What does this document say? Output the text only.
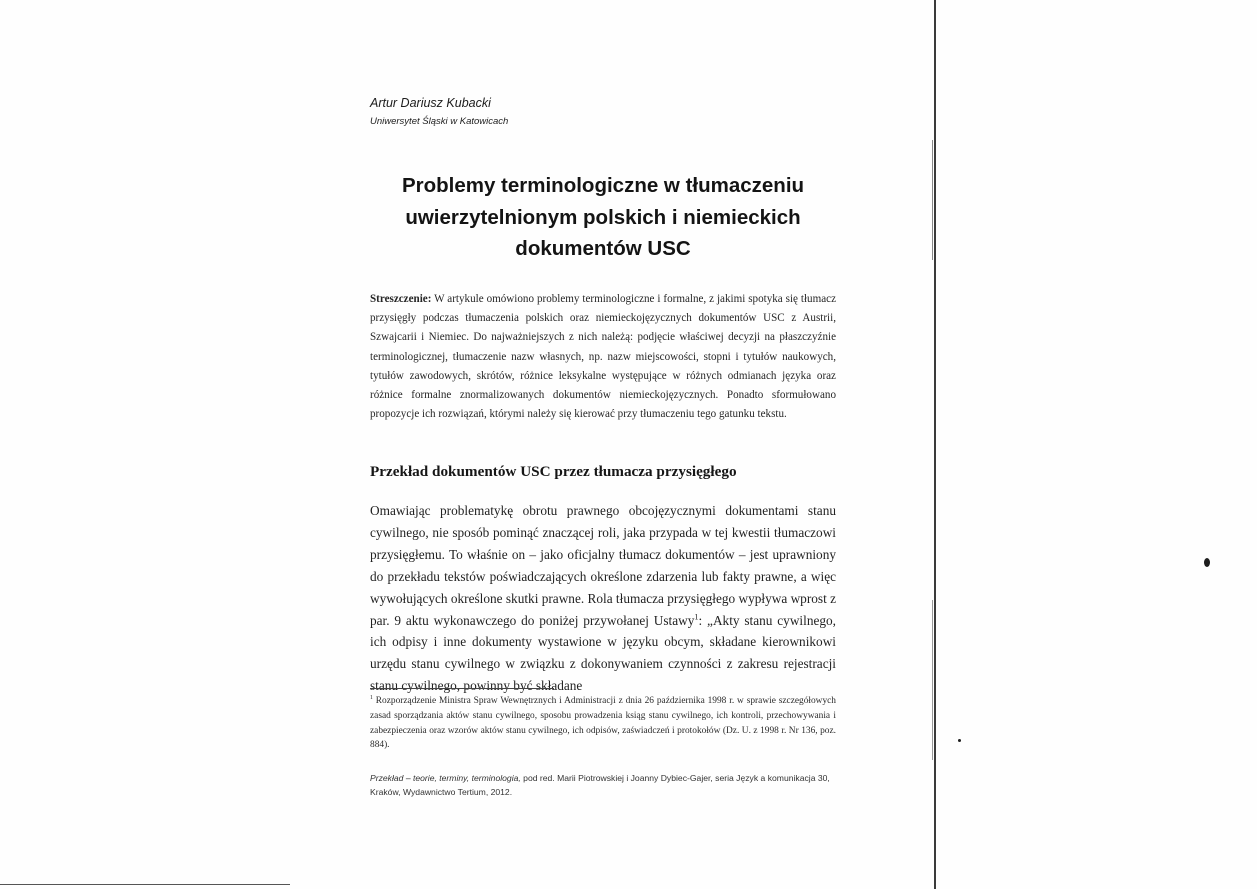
Artur Dariusz Kubacki
Uniwersytet Śląski w Katowicach
Problemy terminologiczne w tłumaczeniu
uwierzytelnionym polskich i niemieckich
dokumentów USC
Streszczenie: W artykule omówiono problemy terminologiczne i formalne, z jakimi spotyka się tłumacz przysięgły podczas tłumaczenia polskich oraz niemieckojęzycznych dokumentów USC z Austrii, Szwajcarii i Niemiec. Do najważniejszych z nich należą: podjęcie właściwej decyzji na płaszczyźnie terminologicznej, tłumaczenie nazw własnych, np. nazw miejscowości, stopni i tytułów naukowych, tytułów zawodowych, skrótów, różnice leksykalne występujące w różnych odmianach języka oraz różnice formalne znormalizowanych dokumentów niemieckojęzycznych. Ponadto sformułowano propozycje ich rozwiązań, którymi należy się kierować przy tłumaczeniu tego gatunku tekstu.
Przekład dokumentów USC przez tłumacza przysięgłego
Omawiając problematykę obrotu prawnego obcojęzycznymi dokumentami stanu cywilnego, nie sposób pominąć znaczącej roli, jaka przypada w tej kwestii tłumaczowi przysięgłemu. To właśnie on – jako oficjalny tłumacz dokumentów – jest uprawniony do przekładu tekstów poświadczających określone zdarzenia lub fakty prawne, a więc wywołujących określone skutki prawne. Rola tłumacza przysięgłego wypływa wprost z par. 9 aktu wykonawczego do poniżej przywołanej Ustawy$^1$: „Akty stanu cywilnego, ich odpisy i inne dokumenty wystawione w języku obcym, składane kierownikowi urzędu stanu cywilnego w związku z dokonywaniem czynności z zakresu rejestracji stanu cywilnego, powinny być składane
$^1$ Rozporządzenie Ministra Spraw Wewnętrznych i Administracji z dnia 26 października 1998 r. w sprawie szczegółowych zasad sporządzania aktów stanu cywilnego, sposobu prowadzenia ksiąg stanu cywilnego, ich kontroli, przechowywania i zabezpieczenia oraz wzorów aktów stanu cywilnego, ich odpisów, zaświadczeń i protokołów (Dz. U. z 1998 r. Nr 136, poz. 884).
Przekład – teorie, terminy, terminologia, pod red. Marii Piotrowskiej i Joanny Dybiec-Gajer, seria Język a komunikacja 30, Kraków, Wydawnictwo Tertium, 2012.
